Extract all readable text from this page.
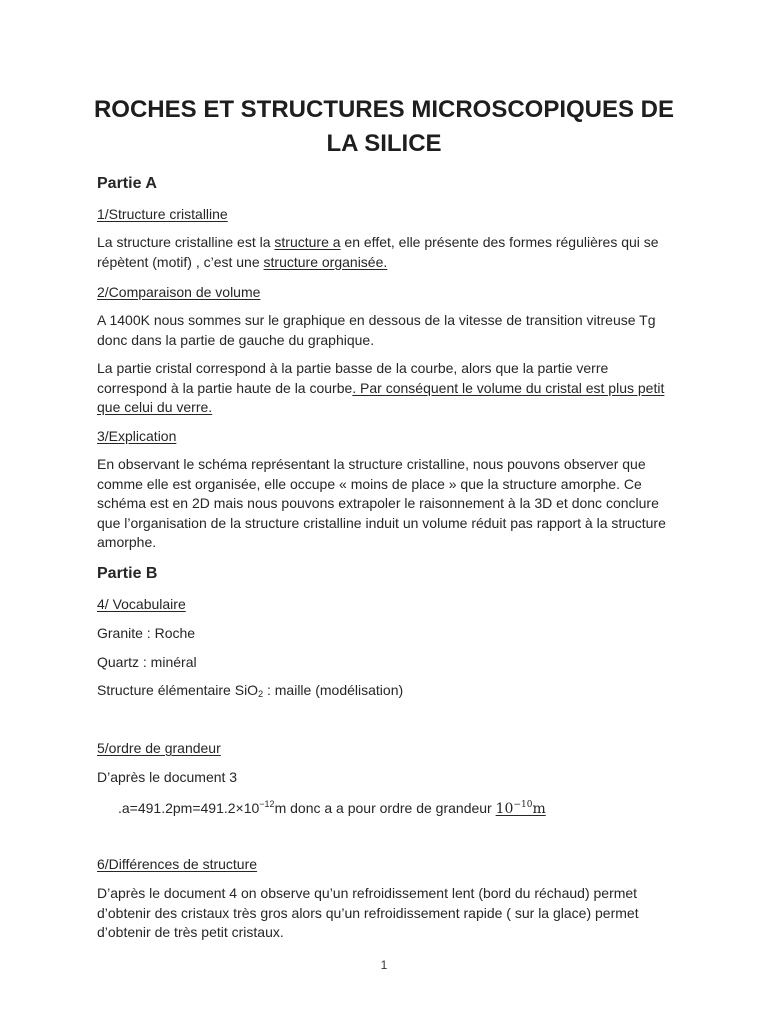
ROCHES ET STRUCTURES MICROSCOPIQUES DE
LA SILICE
Partie A
1/Structure cristalline
La structure cristalline est la structure a en effet, elle présente des formes régulières qui se
répètent (motif) , c’est une structure organisée.
2/Comparaison de volume
A 1400K nous sommes sur le graphique en dessous de la vitesse de transition vitreuse Tg
donc dans la partie de gauche du graphique.
La partie cristal correspond à la partie basse de la courbe, alors que la partie verre
correspond à la partie haute de la courbe. Par conséquent le volume du cristal est plus petit
que celui du verre.
3/Explication
En observant le schéma représentant la structure cristalline, nous pouvons observer que
comme elle est organisée, elle occupe « moins de place » que la structure amorphe. Ce
schéma est en 2D mais nous pouvons extrapoler le raisonnement à la 3D et donc conclure
que l’organisation de la structure cristalline induit un volume réduit pas rapport à la structure
amorphe.
Partie B
4/ Vocabulaire
Granite : Roche
Quartz : minéral
Structure élémentaire SiO$_2$ : maille (modélisation)
5/ordre de grandeur
D’après le document 3
$.a=491.2pm=491.2\times 10^{-12}m$ donc a a pour ordre de grandeur $10^{-10}m$
6/Différences de structure
D’après le document 4 on observe qu’un refroidissement lent (bord du réchaud) permet
d’obtenir des cristaux très gros alors qu’un refroidissement rapide ( sur la glace) permet
d’obtenir de très petit cristaux.
1
